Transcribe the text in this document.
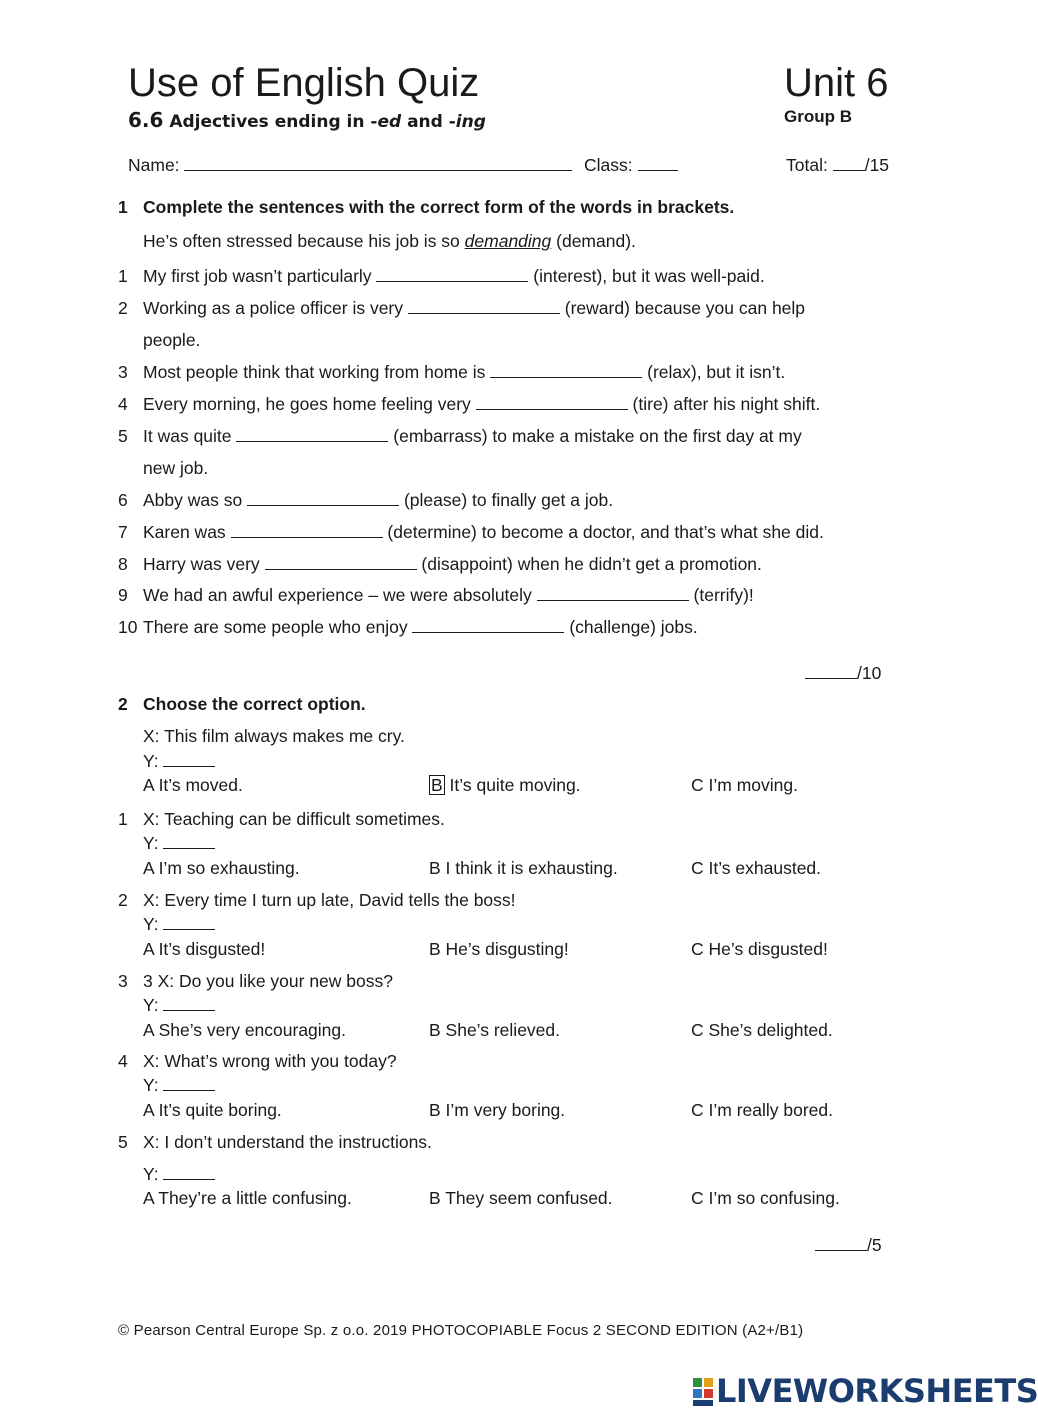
Use of English Quiz	Unit 6
6.6 Adjectives ending in -ed and -ing	Group B
Name:	Class:	Total: /15
1 Complete the sentences with the correct form of the words in brackets.
He’s often stressed because his job is so demanding (demand).
1 My first job wasn’t particularly	(interest), but it was well-paid.
2 Working as a police officer is very	(reward) because you can help
people.
3 Most people think that working from home is	(relax), but it isn’t.
4 Every morning, he goes home feeling very	(tire) after his night shift.
5 It was quite	(embarrass) to make a mistake on the first day at my
new job.
6 Abby was so	(please) to finally get a job.
7 Karen was	(determine) to become a doctor, and that’s what she did.
8 Harry was very	(disappoint) when he didn’t get a promotion.
9 We had an awful experience – we were absolutely	(terrify)!
10 There are some people who enjoy	(challenge) jobs.
/10
2 Choose the correct option.
X: This film always makes me cry.
Y:
A It’s moved.	B It’s quite moving.	C I’m moving.
1 X: Teaching can be difficult sometimes.
Y:
A I’m so exhausting.	B I think it is exhausting.	C It’s exhausted.
2 X: Every time I turn up late, David tells the boss!
Y:
A It’s disgusted!	B He’s disgusting!	C He’s disgusted!
3 3 X: Do you like your new boss?
Y:
A She’s very encouraging.	B She’s relieved.	C She’s delighted.
4 X: What’s wrong with you today?
Y:
A It’s quite boring.	B I’m very boring.	C I’m really bored.
5 X: I don’t understand the instructions.
Y:
A They’re a little confusing.	B They seem confused.	C I’m so confusing.
/5
© Pearson Central Europe Sp. z o.o. 2019 PHOTOCOPIABLE Focus 2 SECOND EDITION (A2+/B1)
LIVEWORKSHEETS
